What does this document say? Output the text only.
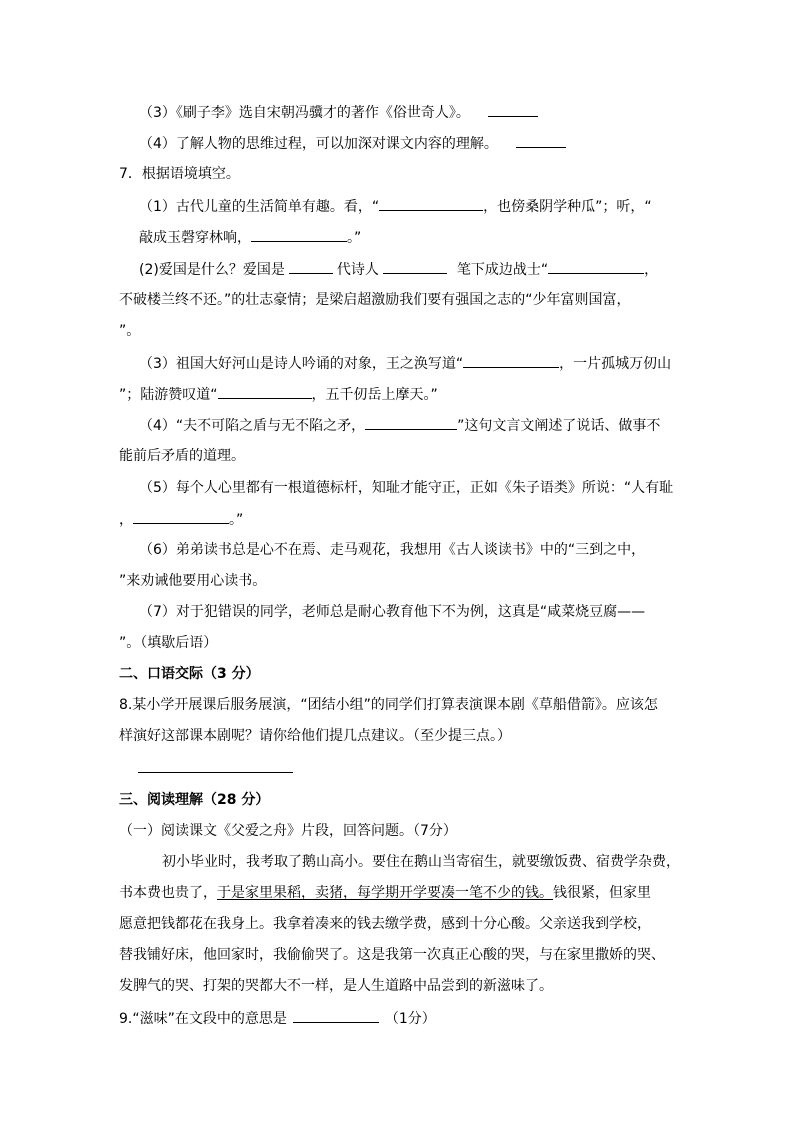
（3）《刷子李》选自宋朝冯骥才的著作《俗世奇人》。
（4）了解人物的思维过程，可以加深对课文内容的理解。
7．根据语境填空。
（1）古代儿童的生活简单有趣。看，“	，也傍桑阴学种瓜”；听，“
敲成玉磬穿林响，	。”
(2)爱国是什么？爱国是	代诗人	笔下成边战士“	，
不破楼兰终不还。”的壮志豪情；是梁启超激励我们要有强国之志的“少年富则国富，
”。
（3）祖国大好河山是诗人吟诵的对象，王之涣写道“	，一片孤城万仞山
”；陆游赞叹道“	，五千仞岳上摩天。”
（4）“夫不可陷之盾与无不陷之矛，	”这句文言文阐述了说话、做事不
能前后矛盾的道理。
（5）每个人心里都有一根道德标杆，知耻才能守正，正如《朱子语类》所说：“人有耻
，	。”
（6）弟弟读书总是心不在焉、走马观花，我想用《古人谈读书》中的“三到之中，
”来劝诫他要用心读书。
（7）对于犯错误的同学，老师总是耐心教育他下不为例，这真是“咸菜烧豆腐——
”。（填歇后语）
二、口语交际（3 分）
8.某小学开展课后服务展演，“团结小组”的同学们打算表演课本剧《草船借箭》。应该怎
样演好这部课本剧呢？请你给他们提几点建议。（至少提三点。）
三、阅读理解（28 分）
（一）阅读课文《父爱之舟》片段，回答问题。（7分）
初小毕业时，我考取了鹅山高小。要住在鹅山当寄宿生，就要缴饭费、宿费学杂费，
书本费也贵了，于是家里果稻，卖猪，每学期开学要凑一笔不少的钱。钱很紧，但家里
愿意把钱都花在我身上。我拿着凑来的钱去缴学费，感到十分心酸。父亲送我到学校，
替我铺好床，他回家时，我偷偷哭了。这是我第一次真正心酸的哭，与在家里撒娇的哭、
发脾气的哭、打架的哭都大不一样，是人生道路中品尝到的新滋味了。
9.“滋味”在文段中的意思是	（1分）
